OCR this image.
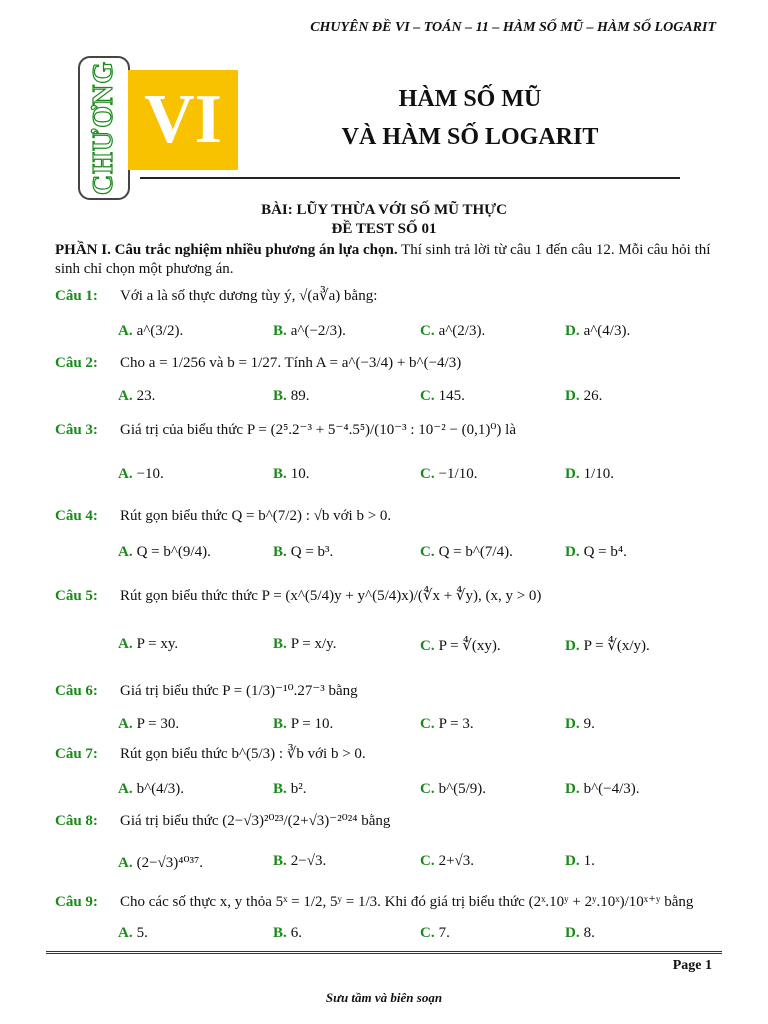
CHUYÊN ĐỀ VI – TOÁN – 11 – HÀM SỐ MŨ – HÀM SỐ LOGARIT
CHƯƠNG VI	HÀM SỐ MŨ
VÀ HÀM SỐ LOGARIT
BÀI: LŨY THỪA VỚI SỐ MŨ THỰC
ĐỀ TEST SỐ 01
PHẦN I. Câu trắc nghiệm nhiều phương án lựa chọn. Thí sinh trả lời từ câu 1 đến câu 12. Mỗi câu hỏi thí sinh chỉ chọn một phương án.
Câu 1: Với a là số thực dương tùy ý, √(a∛a) bằng:
A. a^(3/2).	B. a^(−2/3).	C. a^(2/3).	D. a^(4/3).
Câu 2: Cho a = 1/256 và b = 1/27. Tính A = a^(−3/4) + b^(−4/3)
A. 23.	B. 89.	C. 145.	D. 26.
Câu 3: Giá trị của biểu thức P = (2⁵.2⁻³ + 5⁻⁴.5⁵)/(10⁻³ : 10⁻² − (0,1)⁰) là
A. −10.	B. 10.	C. −1/10.	D. 1/10.
Câu 4: Rút gọn biểu thức Q = b^(7/2) : √b với b > 0.
A. Q = b^(9/4).	B. Q = b³.	C. Q = b^(7/4).	D. Q = b⁴.
Câu 5: Rút gọn biểu thức thức P = (x^(5/4)y + y^(5/4)x)/(∜x + ∜y), (x, y > 0)
A. P = xy.	B. P = x/y.	C. P = ∜(xy).	D. P = ∜(x/y).
Câu 6: Giá trị biểu thức P = (1/3)⁻¹⁰.27⁻³ bằng
A. P = 30.	B. P = 10.	C. P = 3.	D. 9.
Câu 7: Rút gọn biểu thức b^(5/3) : ∛b với b > 0.
A. b^(4/3).	B. b².	C. b^(5/9).	D. b^(−4/3).
Câu 8: Giá trị biểu thức (2−√3)²⁰²³/(2+√3)⁻²⁰²⁴ bằng
A. (2−√3)⁴⁰³⁷.	B. 2−√3.	C. 2+√3.	D. 1.
Câu 9: Cho các số thực x, y thỏa 5ˣ = 1/2, 5ʸ = 1/3. Khi đó giá trị biểu thức (2ˣ.10ʸ + 2ʸ.10ˣ)/10ˣ⁺ʸ bằng
A. 5.	B. 6.	C. 7.	D. 8.
Page 1
Sưu tầm và biên soạn
